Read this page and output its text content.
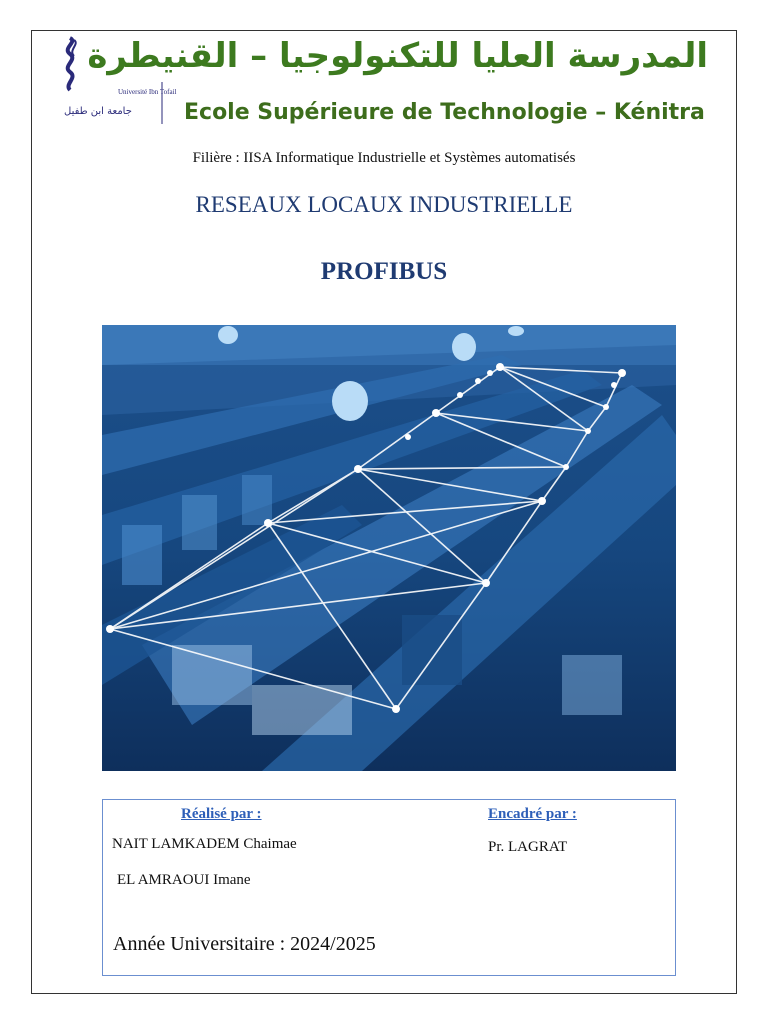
Université Ibn Tofail
جامعة ابن طفيل
المدرسة العليا للتكنولوجيا – القنيطرة
Ecole Supérieure de Technologie – Kénitra
Filière : IISA Informatique Industrielle et Systèmes automatisés
RESEAUX LOCAUX INDUSTRIELLE
PROFIBUS
Réalisé par :	Encadré par :
NAIT LAMKADEM Chaimae	Pr. LAGRAT
EL AMRAOUI Imane
Année Universitaire : 2024/2025
